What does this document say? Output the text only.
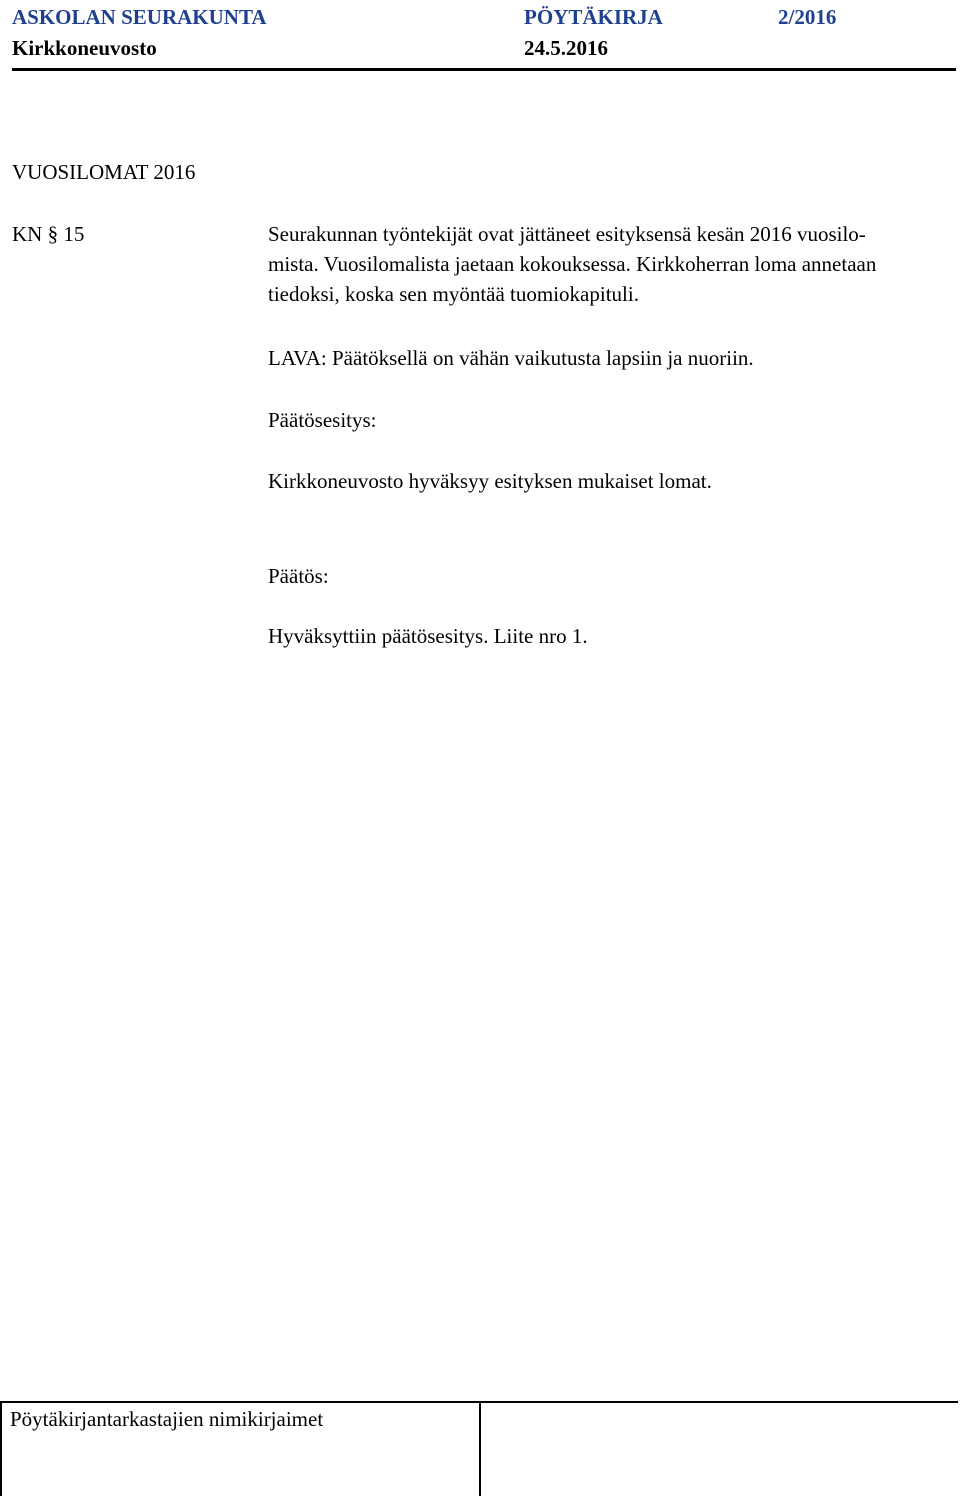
ASKOLAN SEURAKUNTA	PÖYTÄKIRJA	2/2016
Kirkkoneuvosto	24.5.2016
VUOSILOMAT 2016
KN § 15	Seurakunnan työntekijät ovat jättäneet esityksensä kesän 2016 vuosilo-
mista. Vuosilomalista jaetaan kokouksessa. Kirkkoherran loma annetaan
tiedoksi, koska sen myöntää tuomiokapituli.
LAVA: Päätöksellä on vähän vaikutusta lapsiin ja nuoriin.
Päätösesitys:
Kirkkoneuvosto hyväksyy esityksen mukaiset lomat.
Päätös:
Hyväksyttiin päätösesitys. Liite nro 1.
Pöytäkirjantarkastajien nimikirjaimet
